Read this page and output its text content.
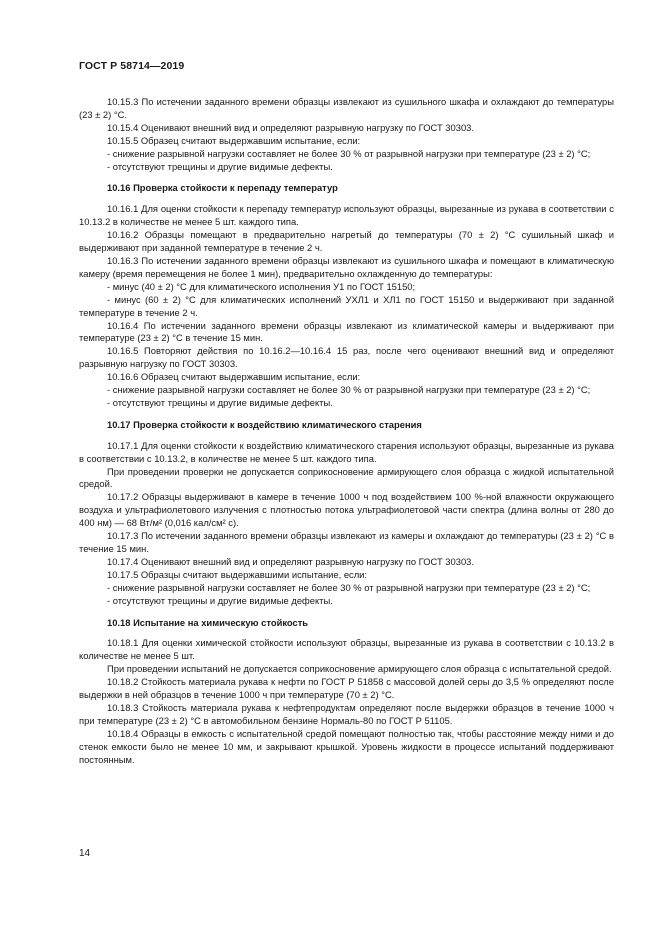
ГОСТ Р 58714—2019

10.15.3 По истечении заданного времени образцы извлекают из сушильного шкафа и охлаждают до температуры (23 ± 2) °С.

10.15.4 Оценивают внешний вид и определяют разрывную нагрузку по ГОСТ 30303.

10.15.5 Образец считают выдержавшим испытание, если:

- снижение разрывной нагрузки составляет не более 30 % от разрывной нагрузки при температуре (23 ± 2) °С;

- отсутствуют трещины и другие видимые дефекты.

10.16 Проверка стойкости к перепаду температур

10.16.1 Для оценки стойкости к перепаду температур используют образцы, вырезанные из рукава в соответствии с 10.13.2 в количестве не менее 5 шт. каждого типа.

10.16.2 Образцы помещают в предварительно нагретый до температуры (70 ± 2) °С сушильный шкаф и выдерживают при заданной температуре в течение 2 ч.

10.16.3 По истечении заданного времени образцы извлекают из сушильного шкафа и помещают в климатическую камеру (время перемещения не более 1 мин), предварительно охлажденную до температуры:

- минус (40 ± 2) °С для климатического исполнения У1 по ГОСТ 15150;

- минус (60 ± 2) °С для климатических исполнений УХЛ1 и ХЛ1 по ГОСТ 15150 и выдерживают при заданной температуре в течение 2 ч.

10.16.4 По истечении заданного времени образцы извлекают из климатической камеры и выдерживают при температуре (23 ± 2) °С в течение 15 мин.

10.16.5 Повторяют действия по 10.16.2—10.16.4 15 раз, после чего оценивают внешний вид и определяют разрывную нагрузку по ГОСТ 30303.

10.16.6 Образец считают выдержавшим испытание, если:

- снижение разрывной нагрузки составляет не более 30 % от разрывной нагрузки при температуре (23 ± 2) °С;

- отсутствуют трещины и другие видимые дефекты.

10.17 Проверка стойкости к воздействию климатического старения

10.17.1 Для оценки стойкости к воздействию климатического старения используют образцы, вырезанные из рукава в соответствии с 10.13.2, в количестве не менее 5 шт. каждого типа.

При проведении проверки не допускается соприкосновение армирующего слоя образца с жидкой испытательной средой.

10.17.2 Образцы выдерживают в камере в течение 1000 ч под воздействием 100 %-ной влажности окружающего воздуха и ультрафиолетового излучения с плотностью потока ультрафиолетовой части спектра (длина волны от 280 до 400 нм) — 68 Вт/м² (0,016 кал/см² с).

10.17.3 По истечении заданного времени образцы извлекают из камеры и охлаждают до температуры (23 ± 2) °С в течение 15 мин.

10.17.4 Оценивают внешний вид и определяют разрывную нагрузку по ГОСТ 30303.

10.17.5 Образцы считают выдержавшими испытание, если:

- снижение разрывной нагрузки составляет не более 30 % от разрывной нагрузки при температуре (23 ± 2) °С;

- отсутствуют трещины и другие видимые дефекты.

10.18 Испытание на химическую стойкость

10.18.1 Для оценки химической стойкости используют образцы, вырезанные из рукава в соответствии с 10.13.2 в количестве не менее 5 шт.

При проведении испытаний не допускается соприкосновение армирующего слоя образца с испытательной средой.

10.18.2 Стойкость материала рукава к нефти по ГОСТ Р 51858 с массовой долей серы до 3,5 % определяют после выдержки в ней образцов в течение 1000 ч при температуре (70 ± 2) °С.

10.18.3 Стойкость материала рукава к нефтепродуктам определяют после выдержки образцов в течение 1000 ч при температуре (23 ± 2) °С в автомобильном бензине Нормаль-80 по ГОСТ Р 51105.

10.18.4 Образцы в емкость с испытательной средой помещают полностью так, чтобы расстояние между ними и до стенок емкости было не менее 10 мм, и закрывают крышкой. Уровень жидкости в процессе испытаний поддерживают постоянным.

14
